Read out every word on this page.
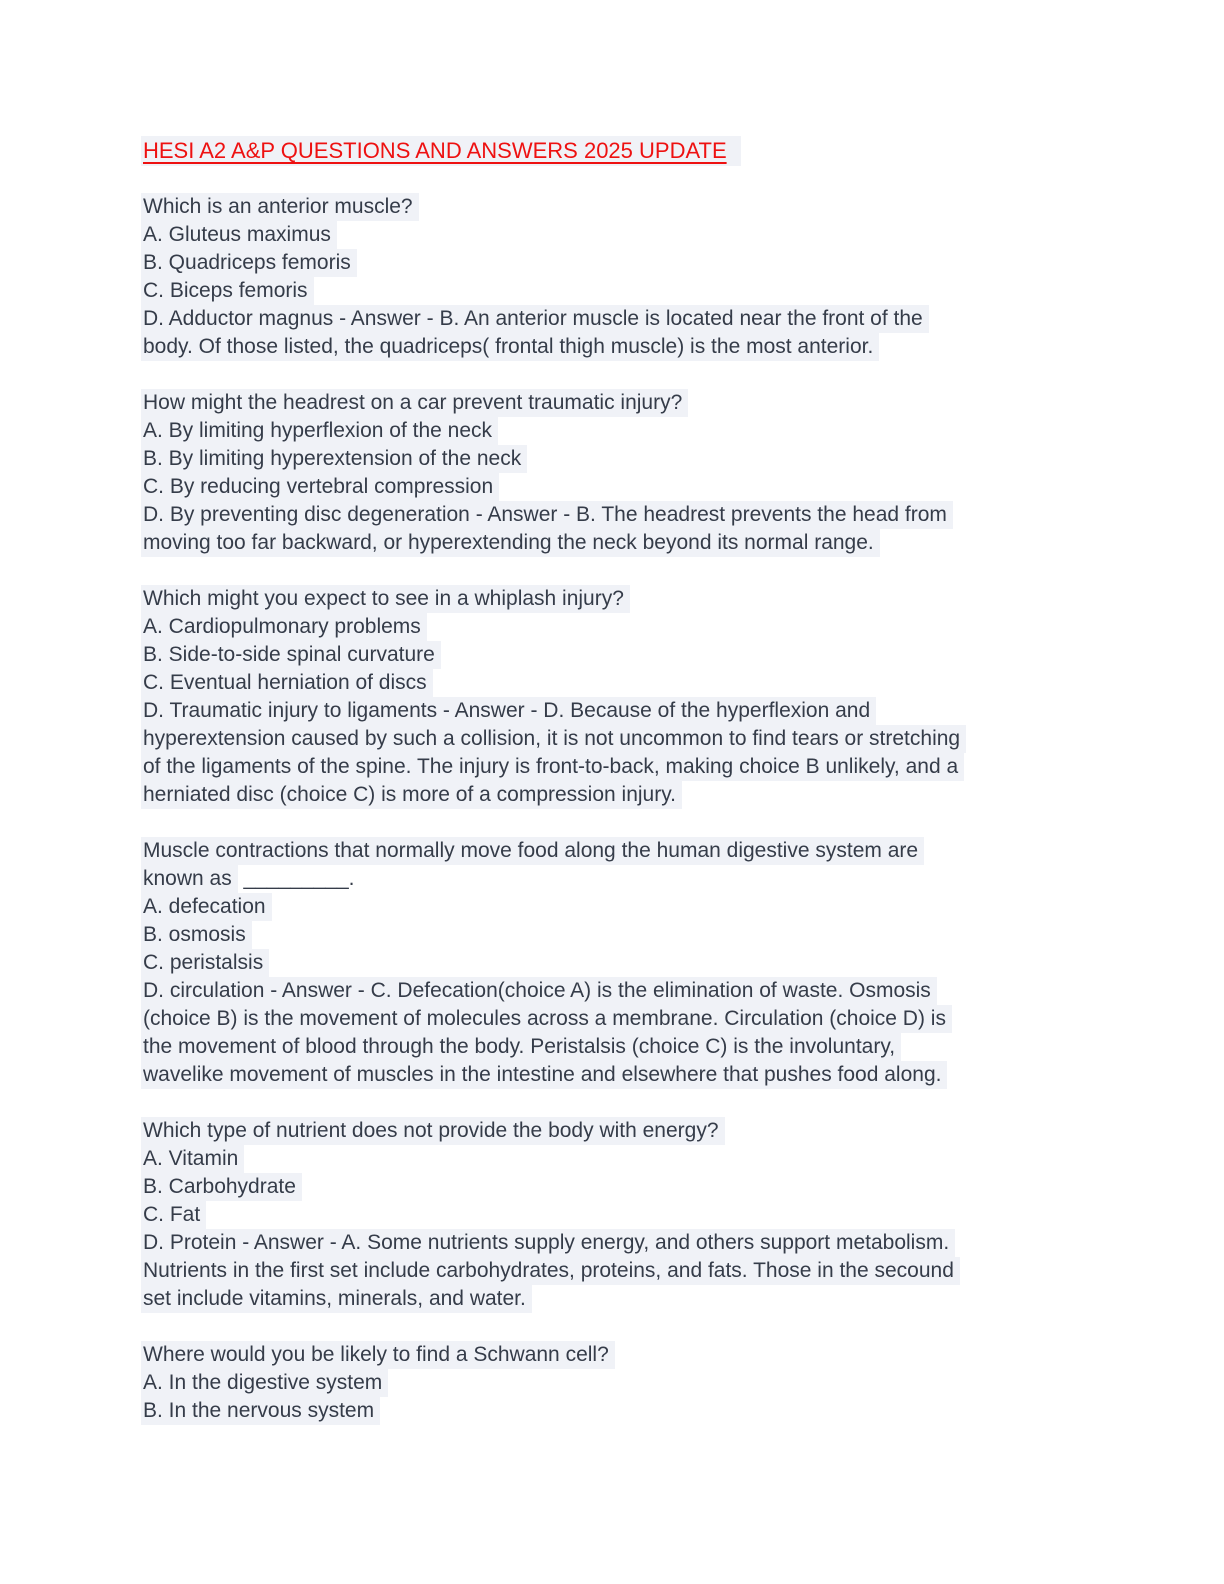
HESI A2 A&P QUESTIONS AND ANSWERS 2025 UPDATE
Which is an anterior muscle?
A. Gluteus maximus
B. Quadriceps femoris
C. Biceps femoris
D. Adductor magnus - Answer - B. An anterior muscle is located near the front of the
body. Of those listed, the quadriceps( frontal thigh muscle) is the most anterior.
How might the headrest on a car prevent traumatic injury?
A. By limiting hyperflexion of the neck
B. By limiting hyperextension of the neck
C. By reducing vertebral compression
D. By preventing disc degeneration - Answer - B. The headrest prevents the head from
moving too far backward, or hyperextending the neck beyond its normal range.
Which might you expect to see in a whiplash injury?
A. Cardiopulmonary problems
B. Side-to-side spinal curvature
C. Eventual herniation of discs
D. Traumatic injury to ligaments - Answer - D. Because of the hyperflexion and
hyperextension caused by such a collision, it is not uncommon to find tears or stretching
of the ligaments of the spine. The injury is front-to-back, making choice B unlikely, and a
herniated disc (choice C) is more of a compression injury.
Muscle contractions that normally move food along the human digestive system are
known as _________.
A. defecation
B. osmosis
C. peristalsis
D. circulation - Answer - C. Defecation(choice A) is the elimination of waste. Osmosis
(choice B) is the movement of molecules across a membrane. Circulation (choice D) is
the movement of blood through the body. Peristalsis (choice C) is the involuntary,
wavelike movement of muscles in the intestine and elsewhere that pushes food along.
Which type of nutrient does not provide the body with energy?
A. Vitamin
B. Carbohydrate
C. Fat
D. Protein - Answer - A. Some nutrients supply energy, and others support metabolism.
Nutrients in the first set include carbohydrates, proteins, and fats. Those in the secound
set include vitamins, minerals, and water.
Where would you be likely to find a Schwann cell?
A. In the digestive system
B. In the nervous system
